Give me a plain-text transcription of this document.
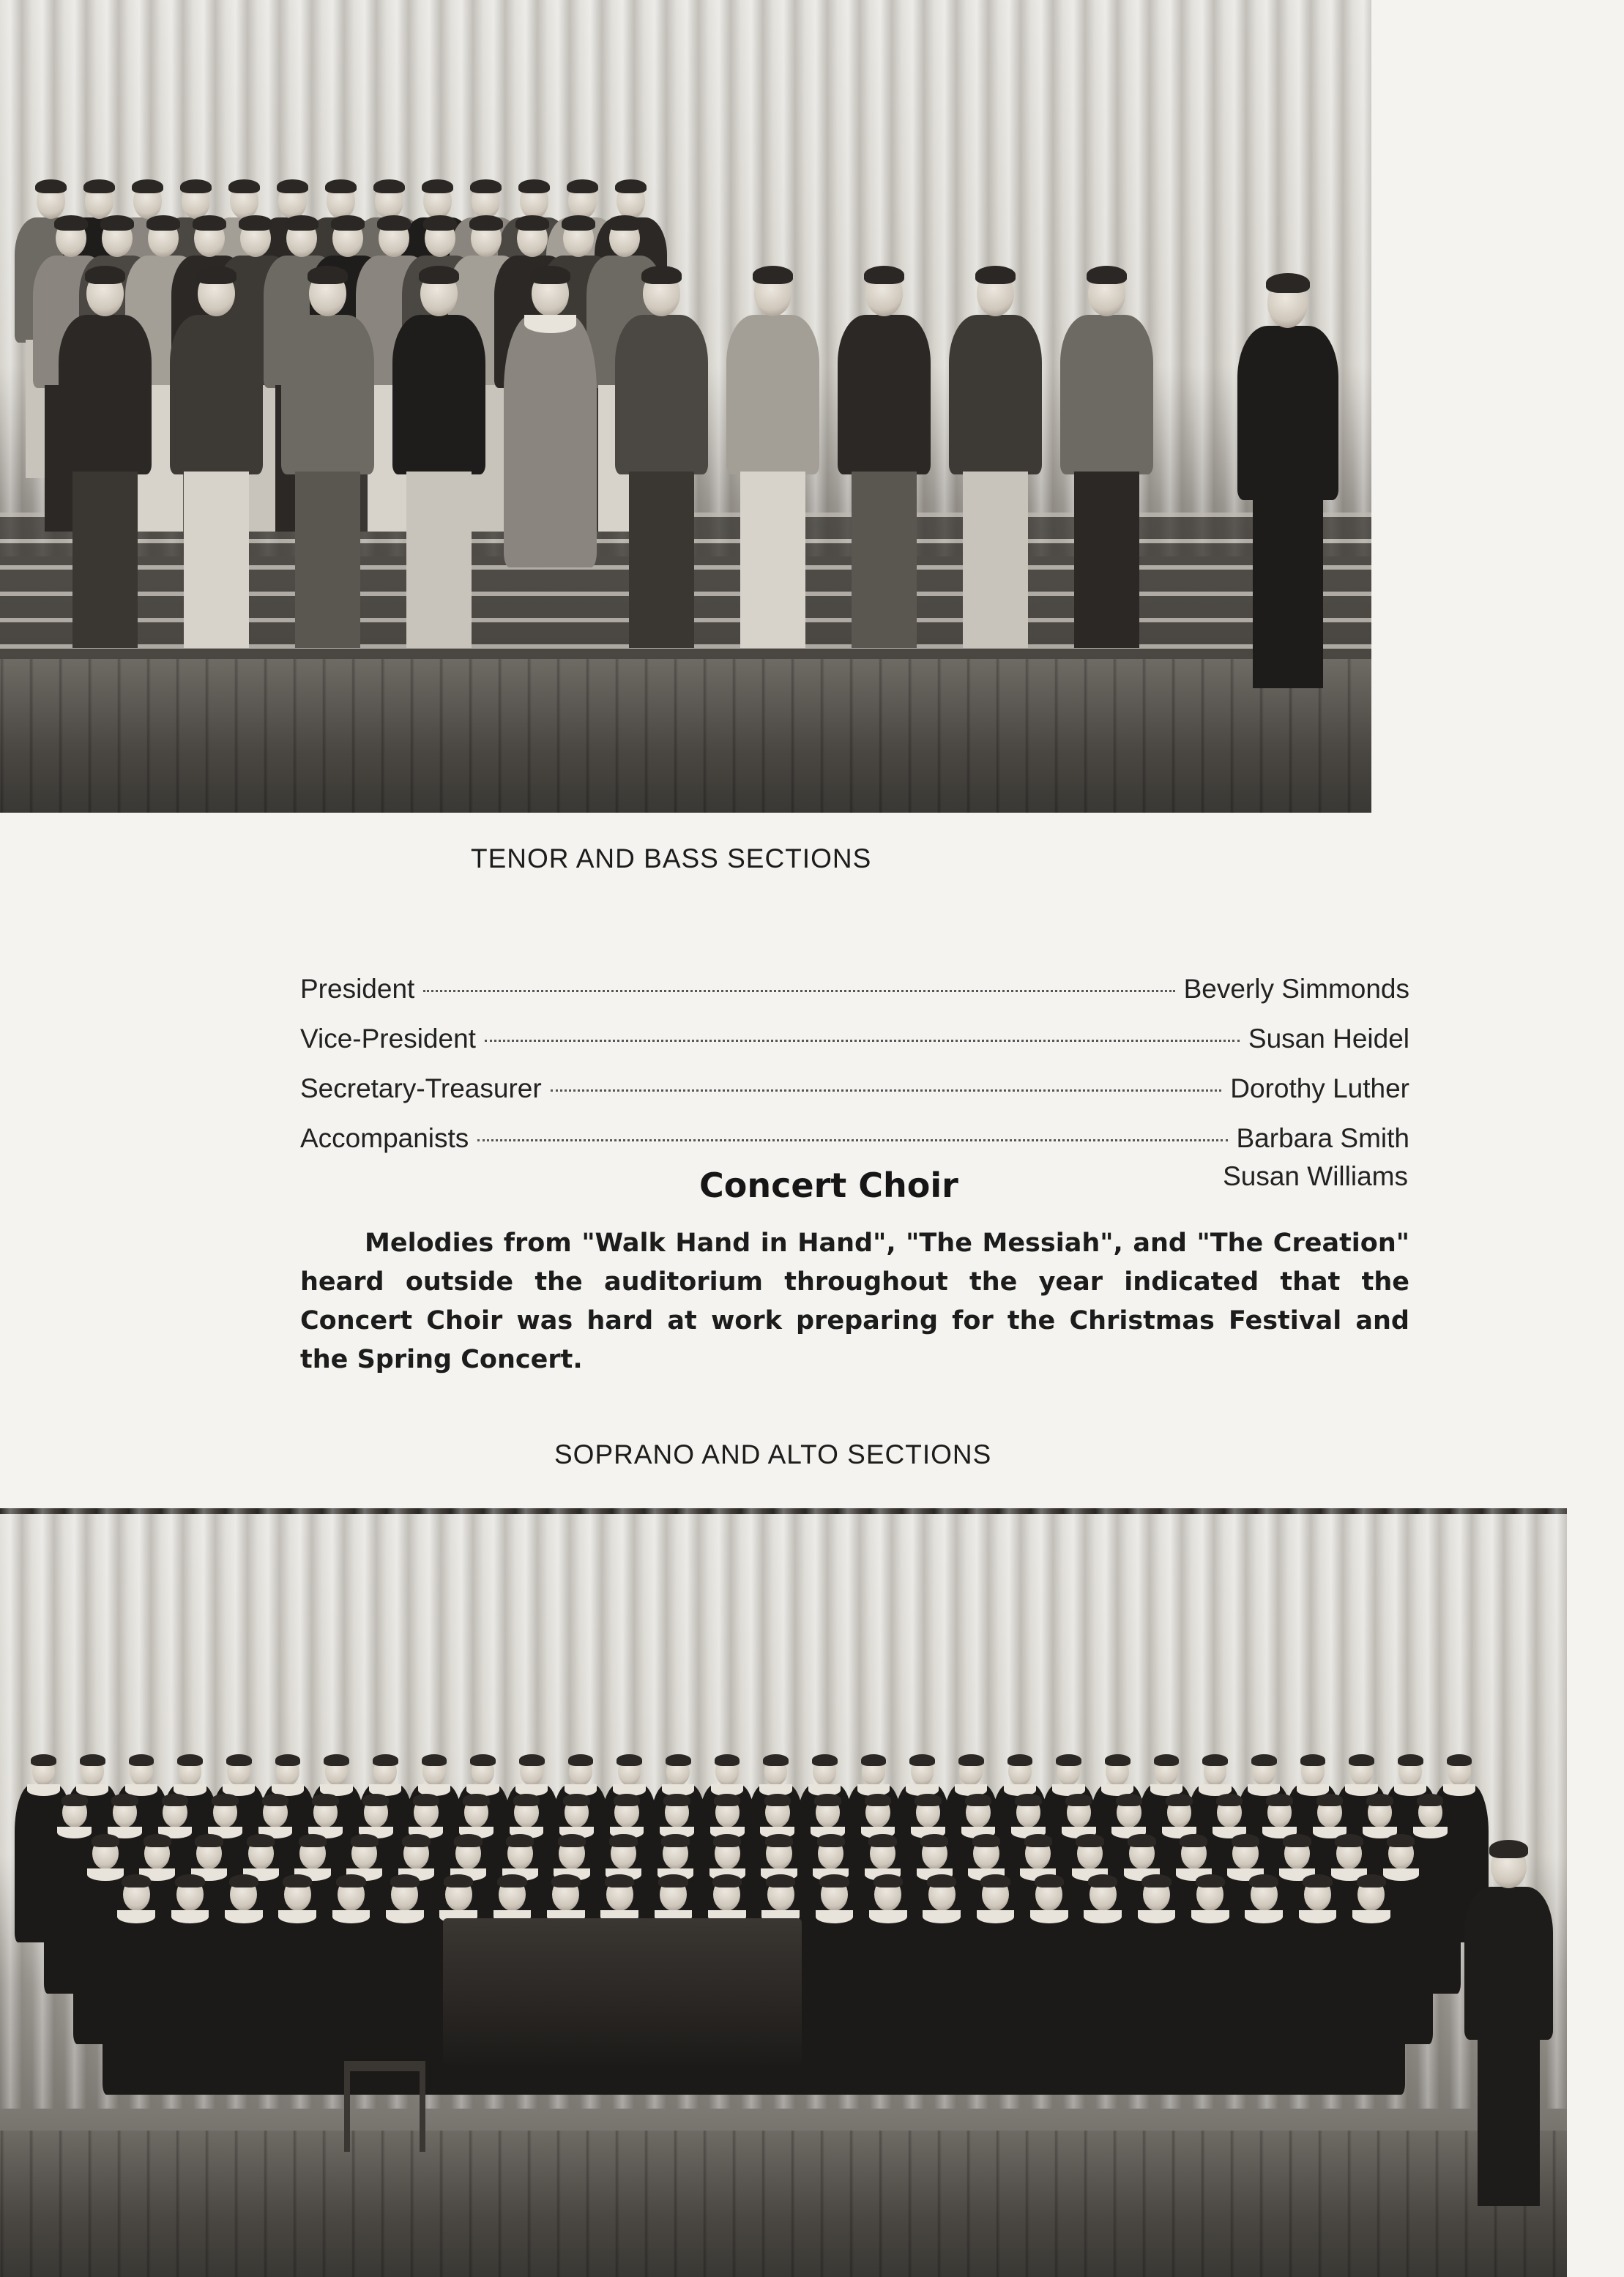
TENOR AND BASS SECTIONS
President	Beverly Simmonds
Vice-President	Susan Heidel
Secretary-Treasurer	Dorothy Luther
Accompanists	Barbara Smith
Susan Williams
Concert Choir
Melodies from "Walk Hand in Hand", "The Messiah", and "The Creation" heard outside the auditorium throughout the year indicated that the Concert Choir was hard at work preparing for the Christmas Festival and the Spring Concert.
SOPRANO AND ALTO SECTIONS
